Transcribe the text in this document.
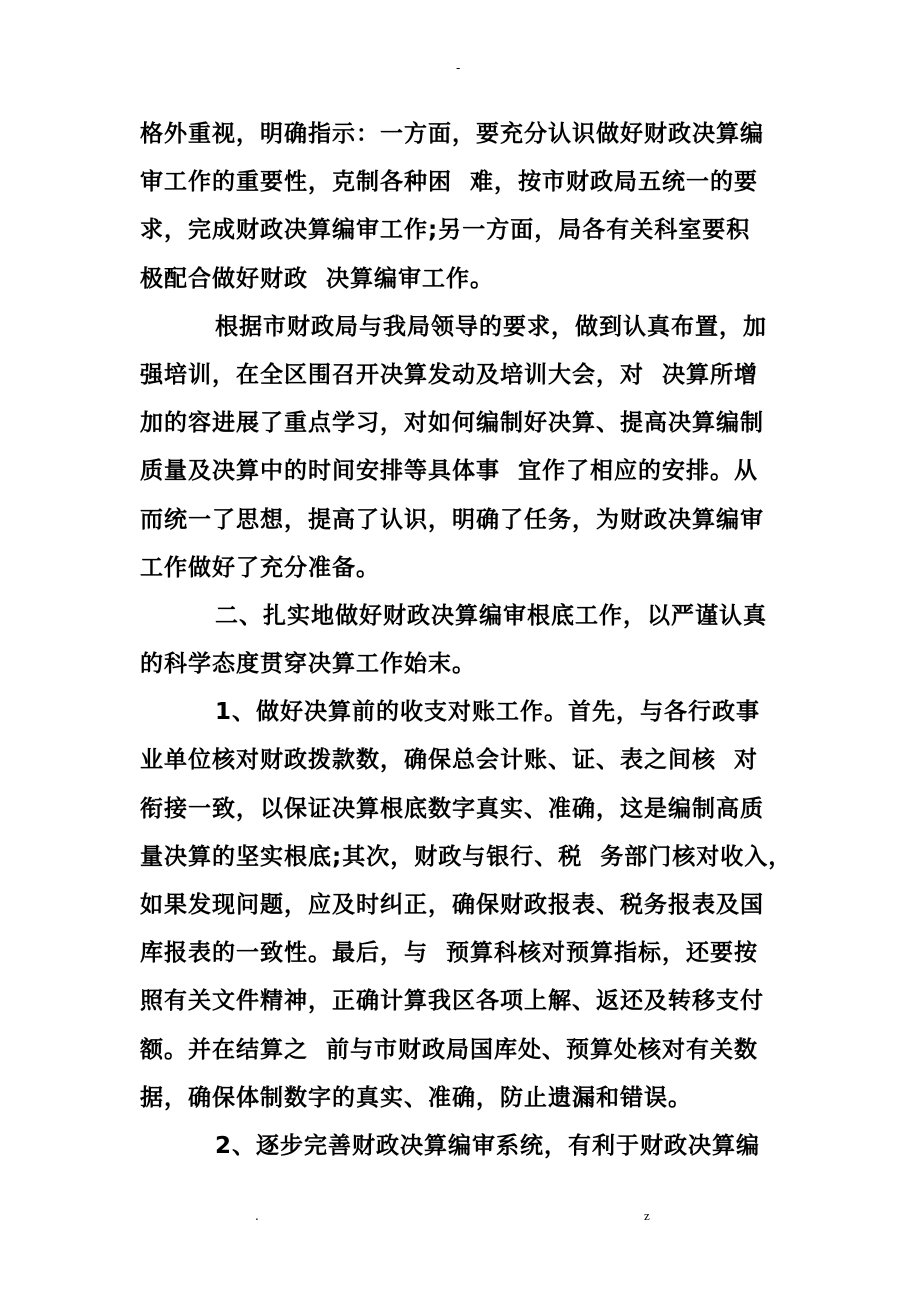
-
格外重视，明确指示：一方面，要充分认识做好财政决算编
审工作的重要性，克制各种困  难，按市财政局五统一的要
求，完成财政决算编审工作;另一方面，局各有关科室要积
极配合做好财政  决算编审工作。
根据市财政局与我局领导的要求，做到认真布置，加
强培训，在全区围召开决算发动及培训大会，对  决算所增
加的容进展了重点学习，对如何编制好决算、提高决算编制
质量及决算中的时间安排等具体事  宜作了相应的安排。从
而统一了思想，提高了认识，明确了任务，为财政决算编审
工作做好了充分准备。
二、扎实地做好财政决算编审根底工作，以严谨认真
的科学态度贯穿决算工作始末。
1、做好决算前的收支对账工作。首先，与各行政事
业单位核对财政拨款数，确保总会计账、证、表之间核  对
衔接一致，以保证决算根底数字真实、准确，这是编制高质
量决算的坚实根底;其次，财政与银行、税  务部门核对收入，
如果发现问题，应及时纠正，确保财政报表、税务报表及国
库报表的一致性。最后，与  预算科核对预算指标，还要按
照有关文件精神，正确计算我区各项上解、返还及转移支付
额。并在结算之  前与市财政局国库处、预算处核对有关数
据，确保体制数字的真实、准确，防止遗漏和错误。
2、逐步完善财政决算编审系统，有利于财政决算编
.	z
